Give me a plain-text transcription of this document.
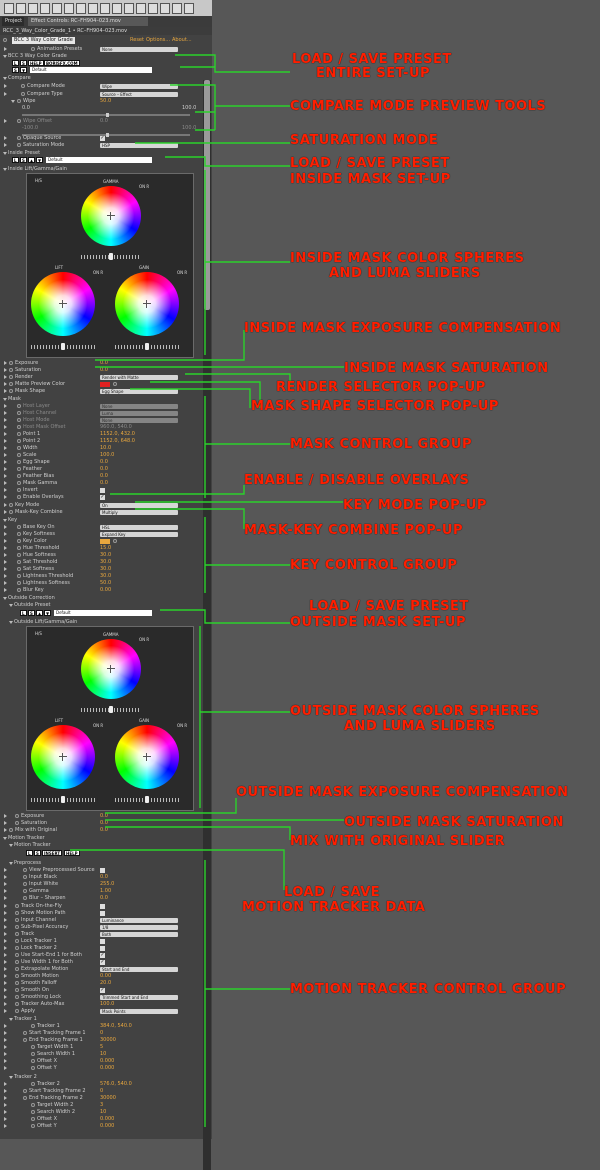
Project	Effect Controls: RC–FH904–023.mov
RCC_3_Way_Color_Grade_1 • RC–FH904–023.mov
BCC 3 Way Color Grade	Reset Options... About...
Animation Presets	None
BCC 3 Way Color Grade
L	S	HELP	BORISFX.COM
S	▼	Default
Compare
Compare Mode	Wipe
Compare Type	Source – Effect
Wipe	50.0
0.0	100.0
Wipe Offset	0.0
-100.0	100.0
Opaque Source	✓
Saturation Mode	HSP
Inside Preset
L	S	▲	▼	Default
Inside Lift/Gamma/Gain
Exposure	0.0
Saturation	0.0
Render	Render with Matte
Matte Preview Color
Mask Shape	Egg Shape
Mask
Host Layer	None
Host Channel	Luma
Host Mode	None
Host Mask Offset	960.0, 540.0
Point 1	1152.0, 432.0
Point 2	1152.0, 648.0
Width	10.0
Scale	100.0
Egg Shape	0.0
Feather	0.0
Feather Bias	0.0
Mask Gamma	0.0
Invert
Enable Overlays	✓
Key Mode	On
Mask-Key Combine	Multiply
Key
Base Key On	HSL
Key Softness	Expand Key
Key Color
Hue Threshold	15.0
Hue Softness	30.0
Sat Threshold	30.0
Sat Softness	30.0
Lightness Threshold	30.0
Lightness Softness	50.0
Blur Key	0.00
Outside Correction
Outside Preset
L	S	▲	▼	Default
Outside Lift/Gamma/Gain
Exposure	0.0
Saturation	0.0
Mix with Original	0.0
Motion Tracker
Motion Tracker
L	S	INSERT	HELP
Preprocess
View Preprocessed Source
Input Black	0.0
Input White	255.0
Gamma	1.00
Blur – Sharpen	0.0
Track On-the-Fly
Show Motion Path
Input Channel	Luminance
Sub-Pixel Accuracy	1/8
Track	Both
Lock Tracker 1
Lock Tracker 2
Use Start-End 1 for Both	✓
Use Width 1 for Both	✓
Extrapolate Motion	Start and End
Smooth Motion	0.00
Smooth Falloff	20.0
Smooth On	✓
Smoothing Lock	Trimmed Start and End
Tracker Auto-Max	100.0
Apply	Mask Points
Tracker 1
Tracker 1	384.0, 540.0
Start Tracking Frame 1	0
End Tracking Frame 1	30000
Target Width 1	5
Search Width 1	10
Offset X	0.000
Offset Y	0.000
Tracker 2
Tracker 2	576.0, 540.0
Start Tracking Frame 2	0
End Tracking Frame 2	30000
Target Width 2	3
Search Width 2	10
Offset X	0.000
Offset Y	0.000
H/S	GAMMA
ON R
LIFT
ON R
GAIN
ON R
H/S	GAMMA
ON R
LIFT
ON R
GAIN
ON R
LOAD / SAVE PRESET
ENTIRE SET-UP
COMPARE MODE PREVIEW TOOLS
SATURATION MODE
LOAD / SAVE PRESET
INSIDE MASK SET-UP
INSIDE MASK COLOR SPHERES
AND LUMA SLIDERS
INSIDE MASK EXPOSURE COMPENSATION
INSIDE MASK SATURATION
RENDER SELECTOR POP-UP
MASK SHAPE SELECTOR POP-UP
MASK CONTROL GROUP
ENABLE / DISABLE OVERLAYS
KEY MODE POP-UP
MASK-KEY COMBINE POP-UP
KEY CONTROL GROUP
LOAD / SAVE PRESET
OUTSIDE MASK SET-UP
OUTSIDE MASK COLOR SPHERES
AND LUMA SLIDERS
OUTSIDE MASK EXPOSURE COMPENSATION
OUTSIDE MASK SATURATION
MIX WITH ORIGINAL SLIDER
LOAD / SAVE
MOTION TRACKER DATA
MOTION TRACKER CONTROL GROUP
